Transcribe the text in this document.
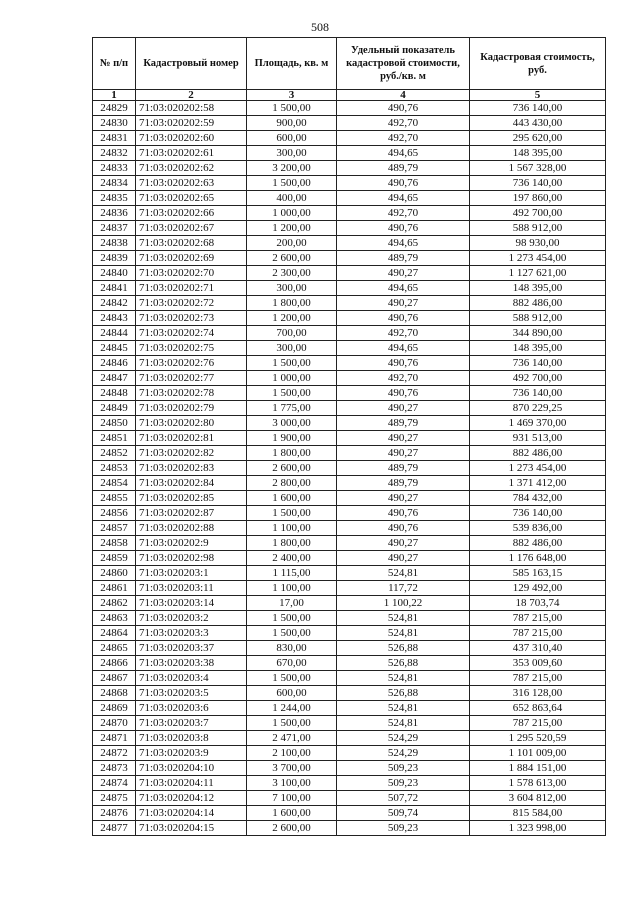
508
№ п/п	Кадастровый номер	Площадь, кв. м	Удельный показатель кадастровой стоимости, руб./кв. м	Кадастровая стоимость, руб.
1	2	3	4	5
24829	71:03:020202:58	1 500,00	490,76	736 140,00
24830	71:03:020202:59	900,00	492,70	443 430,00
24831	71:03:020202:60	600,00	492,70	295 620,00
24832	71:03:020202:61	300,00	494,65	148 395,00
24833	71:03:020202:62	3 200,00	489,79	1 567 328,00
24834	71:03:020202:63	1 500,00	490,76	736 140,00
24835	71:03:020202:65	400,00	494,65	197 860,00
24836	71:03:020202:66	1 000,00	492,70	492 700,00
24837	71:03:020202:67	1 200,00	490,76	588 912,00
24838	71:03:020202:68	200,00	494,65	98 930,00
24839	71:03:020202:69	2 600,00	489,79	1 273 454,00
24840	71:03:020202:70	2 300,00	490,27	1 127 621,00
24841	71:03:020202:71	300,00	494,65	148 395,00
24842	71:03:020202:72	1 800,00	490,27	882 486,00
24843	71:03:020202:73	1 200,00	490,76	588 912,00
24844	71:03:020202:74	700,00	492,70	344 890,00
24845	71:03:020202:75	300,00	494,65	148 395,00
24846	71:03:020202:76	1 500,00	490,76	736 140,00
24847	71:03:020202:77	1 000,00	492,70	492 700,00
24848	71:03:020202:78	1 500,00	490,76	736 140,00
24849	71:03:020202:79	1 775,00	490,27	870 229,25
24850	71:03:020202:80	3 000,00	489,79	1 469 370,00
24851	71:03:020202:81	1 900,00	490,27	931 513,00
24852	71:03:020202:82	1 800,00	490,27	882 486,00
24853	71:03:020202:83	2 600,00	489,79	1 273 454,00
24854	71:03:020202:84	2 800,00	489,79	1 371 412,00
24855	71:03:020202:85	1 600,00	490,27	784 432,00
24856	71:03:020202:87	1 500,00	490,76	736 140,00
24857	71:03:020202:88	1 100,00	490,76	539 836,00
24858	71:03:020202:9	1 800,00	490,27	882 486,00
24859	71:03:020202:98	2 400,00	490,27	1 176 648,00
24860	71:03:020203:1	1 115,00	524,81	585 163,15
24861	71:03:020203:11	1 100,00	117,72	129 492,00
24862	71:03:020203:14	17,00	1 100,22	18 703,74
24863	71:03:020203:2	1 500,00	524,81	787 215,00
24864	71:03:020203:3	1 500,00	524,81	787 215,00
24865	71:03:020203:37	830,00	526,88	437 310,40
24866	71:03:020203:38	670,00	526,88	353 009,60
24867	71:03:020203:4	1 500,00	524,81	787 215,00
24868	71:03:020203:5	600,00	526,88	316 128,00
24869	71:03:020203:6	1 244,00	524,81	652 863,64
24870	71:03:020203:7	1 500,00	524,81	787 215,00
24871	71:03:020203:8	2 471,00	524,29	1 295 520,59
24872	71:03:020203:9	2 100,00	524,29	1 101 009,00
24873	71:03:020204:10	3 700,00	509,23	1 884 151,00
24874	71:03:020204:11	3 100,00	509,23	1 578 613,00
24875	71:03:020204:12	7 100,00	507,72	3 604 812,00
24876	71:03:020204:14	1 600,00	509,74	815 584,00
24877	71:03:020204:15	2 600,00	509,23	1 323 998,00
